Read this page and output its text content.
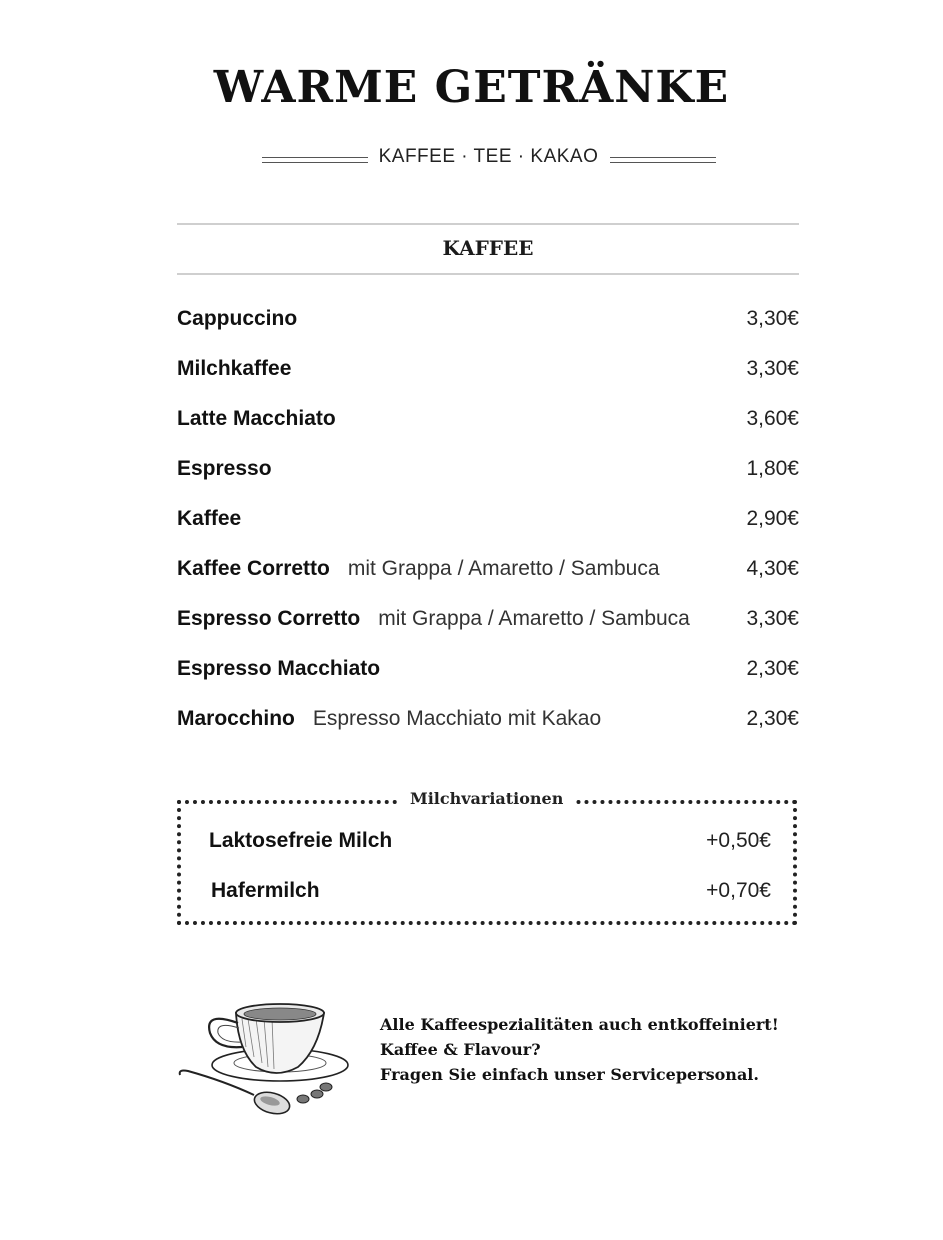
WARME GETRÄNKE
KAFFEE · TEE · KAKAO
KAFFEE
Cappuccino	3,30€
Milchkaffee	3,30€
Latte Macchiato	3,60€
Espresso	1,80€
Kaffee	2,90€
Kaffee Corretto mit Grappa / Amaretto / Sambuca	4,30€
Espresso Corretto mit Grappa / Amaretto / Sambuca	3,30€
Espresso Macchiato	2,30€
Marocchino Espresso Macchiato mit Kakao	2,30€
Laktosefreie Milch	+0,50€
Hafermilch	+0,70€
Milchvariationen
Alle Kaffeespezialitäten auch entkoffeiniert!
Kaffee & Flavour?
Fragen Sie einfach unser Servicepersonal.
